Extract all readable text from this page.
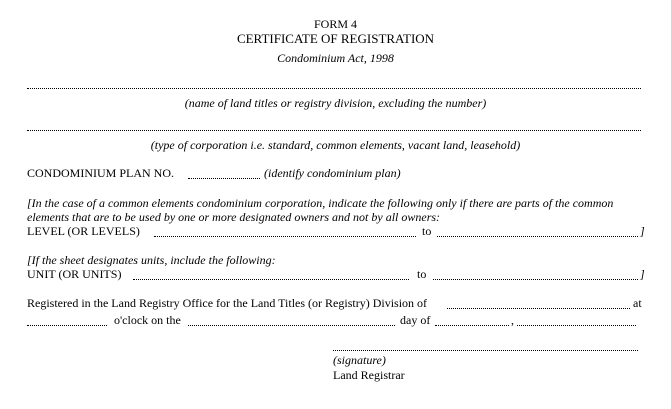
FORM 4
CERTIFICATE OF REGISTRATION
Condominium Act, 1998
(name of land titles or registry division, excluding the number)
(type of corporation i.e. standard, common elements, vacant land, leasehold)
CONDOMINIUM PLAN NO.	(identify condominium plan)
[In the case of a common elements condominium corporation, indicate the following only if there are parts of the common
elements that are to be used by one or more designated owners and not by all owners:
LEVEL (OR LEVELS)	to	]
[If the sheet designates units, include the following:
UNIT (OR UNITS)	to	]
Registered in the Land Registry Office for the Land Titles (or Registry) Division of	at
o'clock on the	day of	,
(signature)
Land Registrar
